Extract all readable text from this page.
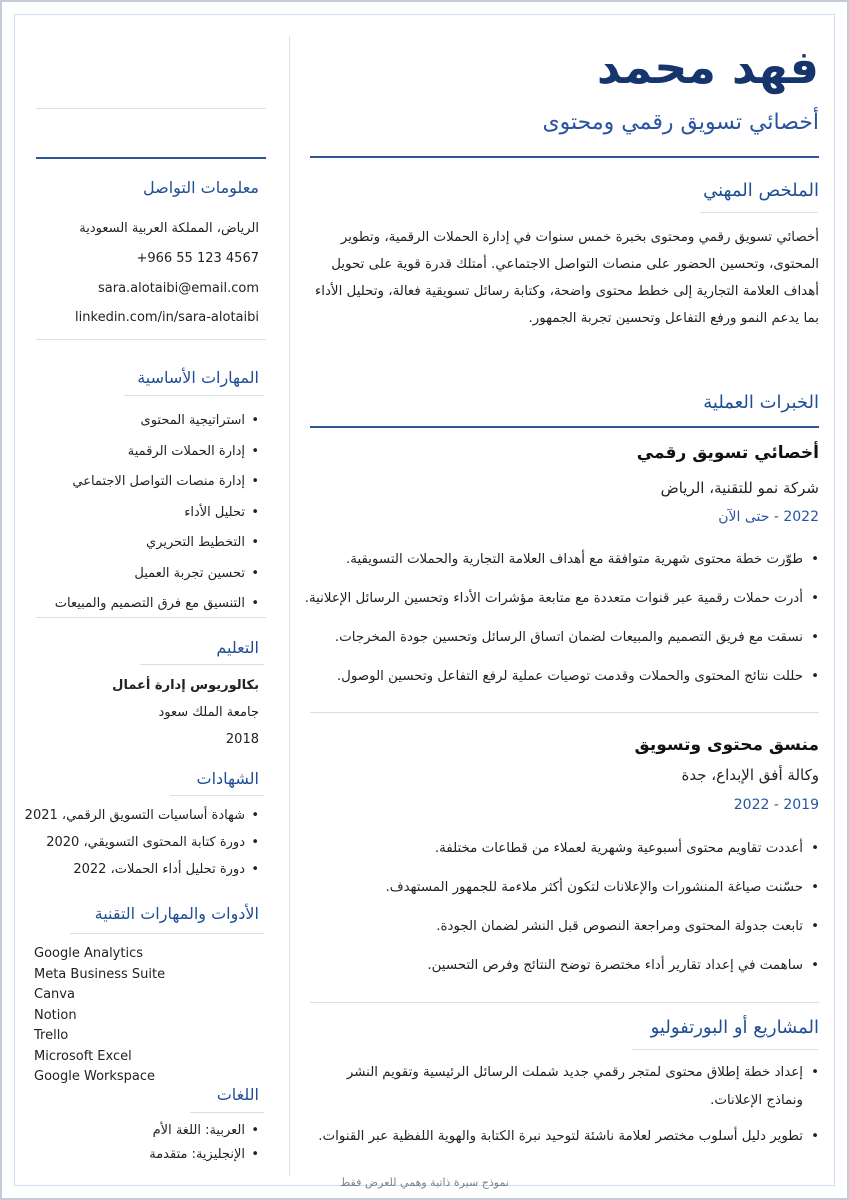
فهد محمد
أخصائي تسويق رقمي ومحتوى
الملخص المهني
أخصائي تسويق رقمي ومحتوى بخبرة خمس سنوات في إدارة الحملات الرقمية، وتطوير المحتوى، وتحسين الحضور على منصات التواصل الاجتماعي. أمتلك قدرة قوية على تحويل أهداف العلامة التجارية إلى خطط محتوى واضحة، وكتابة رسائل تسويقية فعالة، وتحليل الأداء بما يدعم النمو ورفع التفاعل وتحسين تجربة الجمهور.
الخبرات العملية
أخصائي تسويق رقمي
شركة نمو للتقنية، الرياض
2022 - حتى الآن
• طوّرت خطة محتوى شهرية متوافقة مع أهداف العلامة التجارية والحملات التسويقية.
• أدرت حملات رقمية عبر قنوات متعددة مع متابعة مؤشرات الأداء وتحسين الرسائل الإعلانية.
• نسقت مع فريق التصميم والمبيعات لضمان اتساق الرسائل وتحسين جودة المخرجات.
• حللت نتائج المحتوى والحملات وقدمت توصيات عملية لرفع التفاعل وتحسين الوصول.
منسق محتوى وتسويق
وكالة أفق الإبداع، جدة
2019 - 2022
• أعددت تقاويم محتوى أسبوعية وشهرية لعملاء من قطاعات مختلفة.
• حسّنت صياغة المنشورات والإعلانات لتكون أكثر ملاءمة للجمهور المستهدف.
• تابعت جدولة المحتوى ومراجعة النصوص قبل النشر لضمان الجودة.
• ساهمت في إعداد تقارير أداء مختصرة توضح النتائج وفرص التحسين.
المشاريع أو البورتفوليو
• إعداد خطة إطلاق محتوى لمتجر رقمي جديد شملت الرسائل الرئيسية وتقويم النشر ونماذج الإعلانات.
• تطوير دليل أسلوب مختصر لعلامة ناشئة لتوحيد نبرة الكتابة والهوية اللفظية عبر القنوات.
معلومات التواصل
الرياض، المملكة العربية السعودية
+966 55 123 4567
sara.alotaibi@email.com
linkedin.com/in/sara-alotaibi
المهارات الأساسية
• استراتيجية المحتوى
• إدارة الحملات الرقمية
• إدارة منصات التواصل الاجتماعي
• تحليل الأداء
• التخطيط التحريري
• تحسين تجربة العميل
• التنسيق مع فرق التصميم والمبيعات
التعليم
بكالوريوس إدارة أعمال
جامعة الملك سعود
2018
الشهادات
• شهادة أساسيات التسويق الرقمي، 2021
• دورة كتابة المحتوى التسويقي، 2020
• دورة تحليل أداء الحملات، 2022
الأدوات والمهارات التقنية
Google Analytics
Meta Business Suite
Canva
Notion
Trello
Microsoft Excel
Google Workspace
اللغات
• العربية: اللغة الأم
• الإنجليزية: متقدمة
نموذج سيرة ذاتية وهمي للعرض فقط
